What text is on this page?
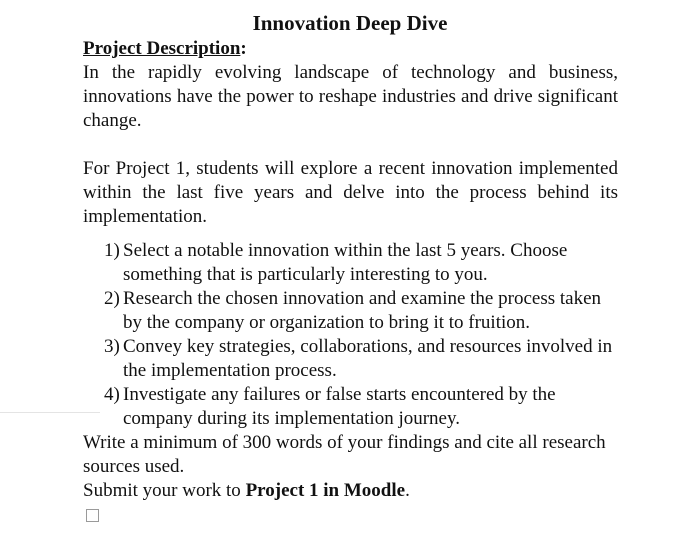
Innovation Deep Dive

Project Description:

In the rapidly evolving landscape of technology and business, innovations have the power to reshape industries and drive significant change.

For Project 1, students will explore a recent innovation implemented within the last five years and delve into the process behind its implementation.

1) Select a notable innovation within the last 5 years. Choose something that is particularly interesting to you.
2) Research the chosen innovation and examine the process taken by the company or organization to bring it to fruition.
3) Convey key strategies, collaborations, and resources involved in the implementation process.
4) Investigate any failures or false starts encountered by the company during its implementation journey.

Write a minimum of 300 words of your findings and cite all research sources used.

Submit your work to Project 1 in Moodle.
